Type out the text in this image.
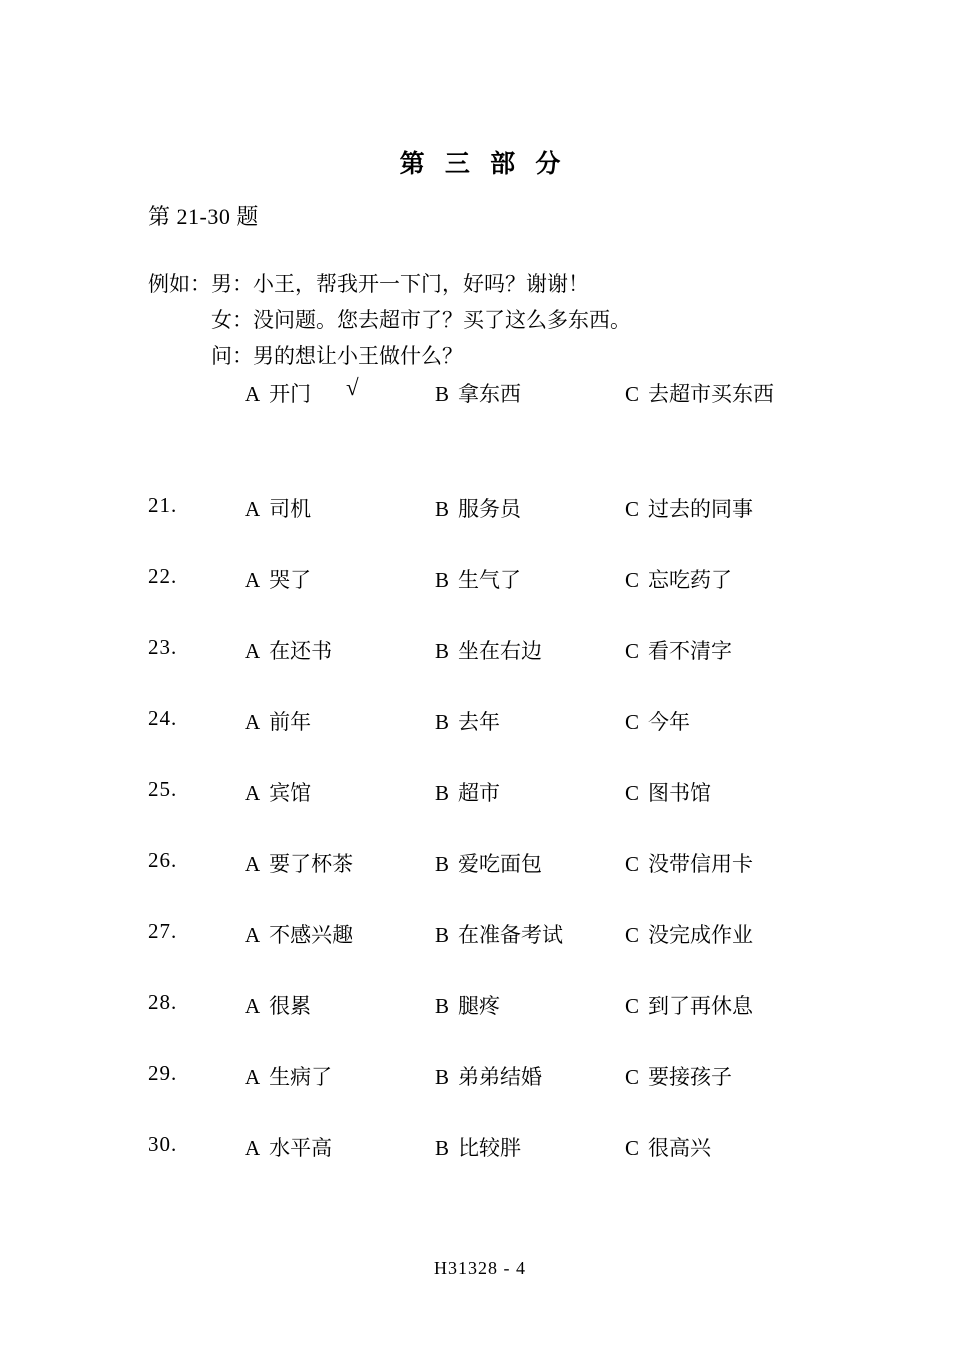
第 三 部 分
第 21-30 题
例如：男：小王，帮我开一下门，好吗？谢谢！
女：没问题。您去超市了？买了这么多东西。
问：男的想让小王做什么？
A 开门 √	B 拿东西	C 去超市买东西
21.	A 司机	B 服务员	C 过去的同事
22.	A 哭了	B 生气了	C 忘吃药了
23.	A 在还书	B 坐在右边	C 看不清字
24.	A 前年	B 去年	C 今年
25.	A 宾馆	B 超市	C 图书馆
26.	A 要了杯茶	B 爱吃面包	C 没带信用卡
27.	A 不感兴趣	B 在准备考试	C 没完成作业
28.	A 很累	B 腿疼	C 到了再休息
29.	A 生病了	B 弟弟结婚	C 要接孩子
30.	A 水平高	B 比较胖	C 很高兴
H31328 - 4
